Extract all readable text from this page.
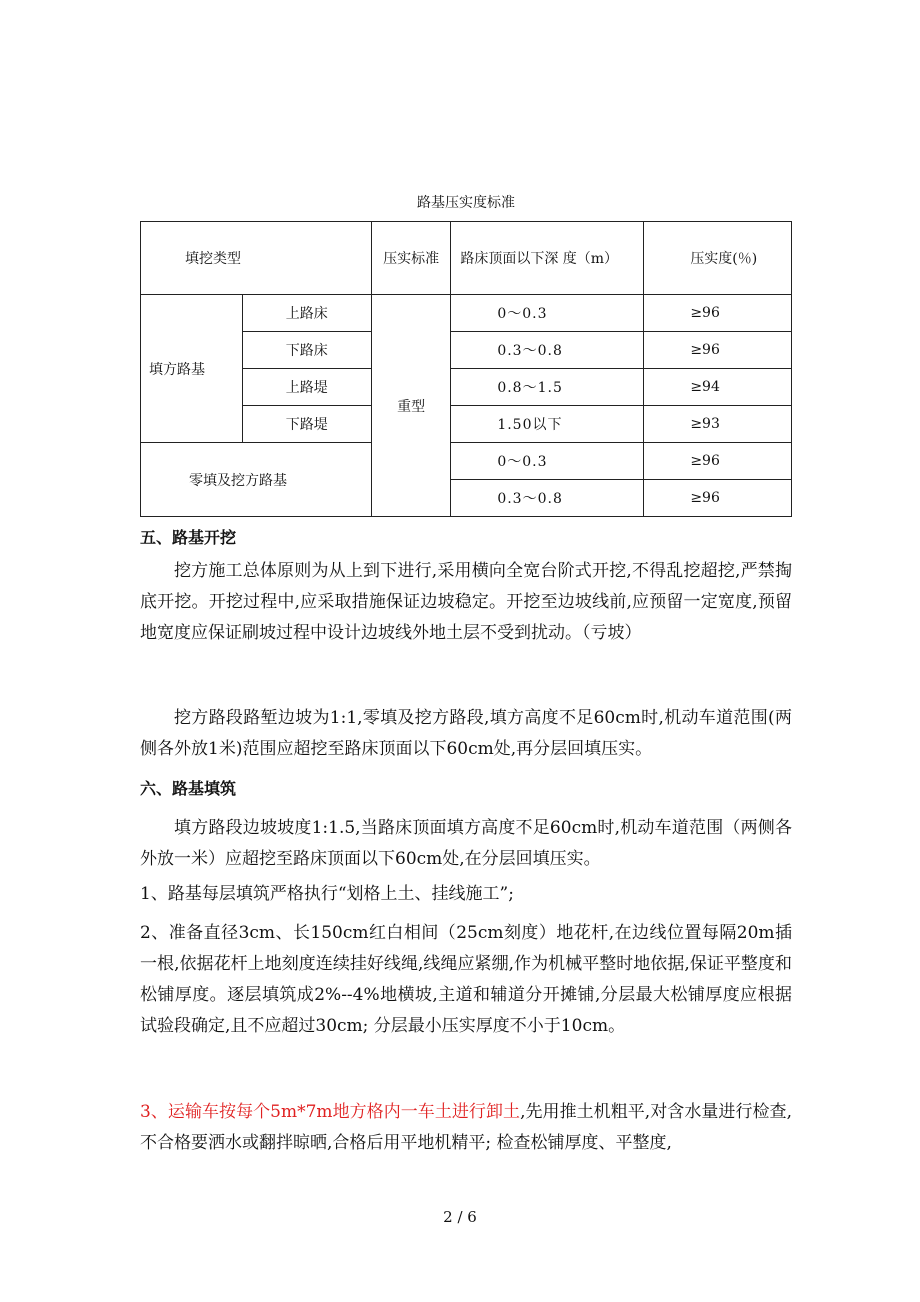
路基压实度标准
填挖类型		压实标准	路床顶面以下深 度（m）	压实度(％)
填方路基	上路床	重型	0～0.3	≥96
	下路床		0.3～0.8	≥96
	上路堤		0.8～1.5	≥94
	下路堤		1.50以下	≥93
零填及挖方路基			0～0.3	≥96
			0.3～0.8	≥96
五、路基开挖
挖方施工总体原则为从上到下进行,采用横向全宽台阶式开挖,不得乱挖超挖,严禁掏底开挖。开挖过程中,应采取措施保证边坡稳定。开挖至边坡线前,应预留一定宽度,预留地宽度应保证刷坡过程中设计边坡线外地土层不受到扰动。（亏坡）
挖方路段路堑边坡为1:1,零填及挖方路段,填方高度不足60cm时,机动车道范围(两侧各外放1米)范围应超挖至路床顶面以下60cm处,再分层回填压实。
六、路基填筑
填方路段边坡坡度1:1.5,当路床顶面填方高度不足60cm时,机动车道范围（两侧各外放一米）应超挖至路床顶面以下60cm处,在分层回填压实。
1、路基每层填筑严格执行“划格上土、挂线施工”;
2、准备直径3cm、长150cm红白相间（25cm刻度）地花杆,在边线位置每隔20m插一根,依据花杆上地刻度连续挂好线绳,线绳应紧绷,作为机械平整时地依据,保证平整度和松铺厚度。逐层填筑成2%--4%地横坡,主道和辅道分开摊铺,分层最大松铺厚度应根据试验段确定,且不应超过30cm; 分层最小压实厚度不小于10cm。
3、运输车按每个5m*7m地方格内一车土进行卸土,先用推土机粗平,对含水量进行检查,不合格要洒水或翻拌晾晒,合格后用平地机精平; 检查松铺厚度、平整度,
2 / 6
